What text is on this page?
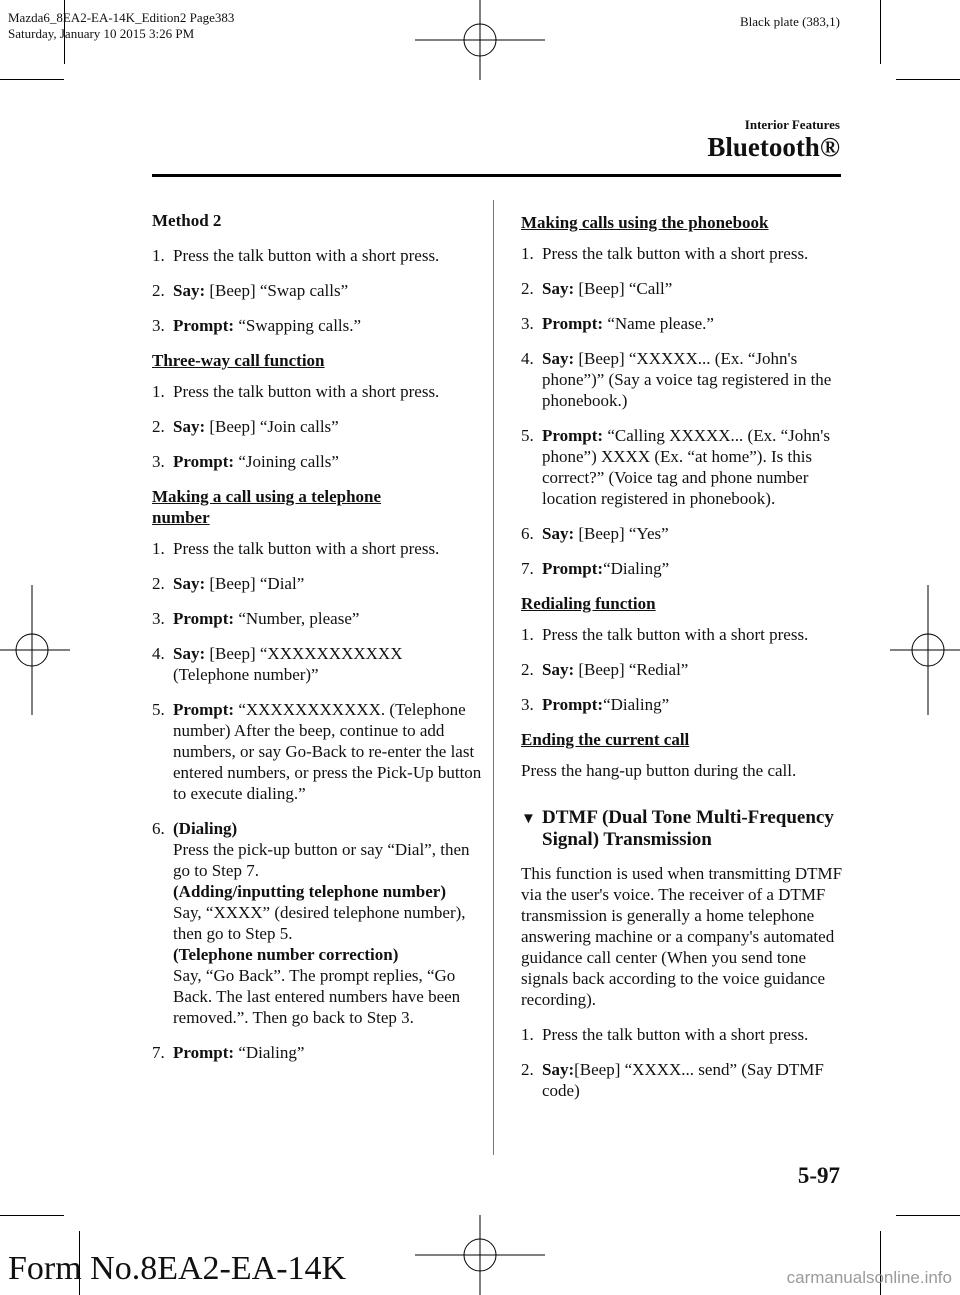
Mazda6_8EA2-EA-14K_Edition2 Page383
Saturday, January 10 2015 3:26 PM
Black plate (383,1)
Interior Features
Bluetooth®
Method 2
1. Press the talk button with a short press.
2. Say: [Beep] “Swap calls”
3. Prompt: “Swapping calls.”
Three-way call function
1. Press the talk button with a short press.
2. Say: [Beep] “Join calls”
3. Prompt: “Joining calls”
Making a call using a telephone
number
1. Press the talk button with a short press.
2. Say: [Beep] “Dial”
3. Prompt: “Number, please”
4. Say: [Beep] “XXXXXXXXXXX (Telephone number)”
5. Prompt: “XXXXXXXXXXX. (Telephone number) After the beep, continue to add numbers, or say Go-Back to re-enter the last entered numbers, or press the Pick-Up button to execute dialing.”
6. (Dialing)
Press the pick-up button or say “Dial”, then go to Step 7.
(Adding/inputting telephone number)
Say, “XXXX” (desired telephone number), then go to Step 5.
(Telephone number correction)
Say, “Go Back”. The prompt replies, “Go Back. The last entered numbers have been removed.”. Then go back to Step 3.
7. Prompt: “Dialing”
Making calls using the phonebook
1. Press the talk button with a short press.
2. Say: [Beep] “Call”
3. Prompt: “Name please.”
4. Say: [Beep] “XXXXX... (Ex. “John's phone”)” (Say a voice tag registered in the phonebook.)
5. Prompt: “Calling XXXXX... (Ex. “John's phone”) XXXX (Ex. “at home”). Is this correct?” (Voice tag and phone number location registered in phonebook).
6. Say: [Beep] “Yes”
7. Prompt:“Dialing”
Redialing function
1. Press the talk button with a short press.
2. Say: [Beep] “Redial”
3. Prompt:“Dialing”
Ending the current call
Press the hang-up button during the call.
▼ DTMF (Dual Tone Multi-Frequency Signal) Transmission
This function is used when transmitting DTMF via the user's voice. The receiver of a DTMF transmission is generally a home telephone answering machine or a company's automated guidance call center (When you send tone signals back according to the voice guidance recording).
1. Press the talk button with a short press.
2. Say:[Beep] “XXXX... send” (Say DTMF code)
5-97
Form No.8EA2-EA-14K	carmanualsonline.info
